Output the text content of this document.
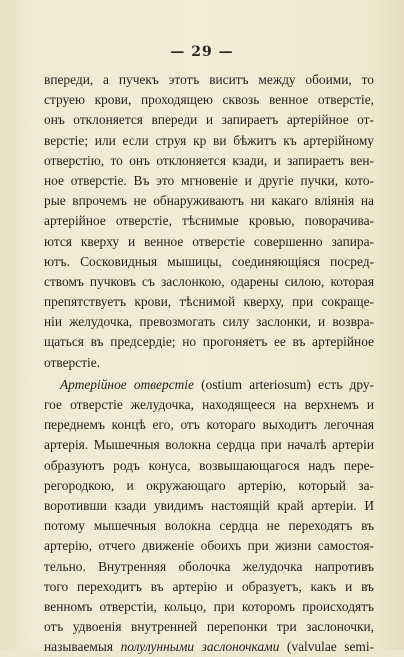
— 29 —
впереди, а пучекъ этотъ виситъ между обоими, то
струею крови, проходящею сквозь венное отверстіе,
онъ отклоняется впереди и запираетъ артерійное от-
верстіе; или если струя кр ви бѣжитъ къ артерійному
отверстію, то онъ отклоняется кзади, и запираетъ вен-
ное отверстіе. Въ это мгновеніе и другіе пучки, кото-
рые впрочемъ не обнаруживаютъ ни какаго вліянія на
артерійное отверстіе, тѣснимые кровью, поворачива-
ются кверху и венное отверстіе совершенно запира-
ютъ. Сосковидныя мышицы, соединяющіяся посред-
ствомъ пучковъ съ заслонкою, одарены силою, которая
препятствуетъ крови, тѣснимой кверху, при сокраще-
ніи желудочка, превозмогать силу заслонки, и возвра-
щаться въ предсердіе; но прогоняетъ ее въ артерійное
отверстіе.
Артерійное отверстіе (ostium arteriosum) есть дру-
гое отверстіе желудочка, находящееся на верхнемъ и
переднемъ концѣ его, отъ котораго выходитъ легочная
артерія. Мышечныя волокна сердца при началѣ артеріи
образуютъ родъ конуса, возвышающагося надъ пере-
регородкою, и окружающаго артерію, который за-
воротивши кзади увидимъ настоящій край артеріи. И
потому мышечныя волокна сердца не переходятъ въ
артерію, отчего движеніе обоихъ при жизни самостоя-
тельно. Внутренняя оболочка желудочка напротивъ
того переходитъ въ артерію и образуетъ, какъ и въ
венномъ отверстіи, кольцо, при которомъ происходятъ
отъ удвоенія внутренней перепонки три заслоночки,
называемыя полулунными заслоночками (valvulae semi-
